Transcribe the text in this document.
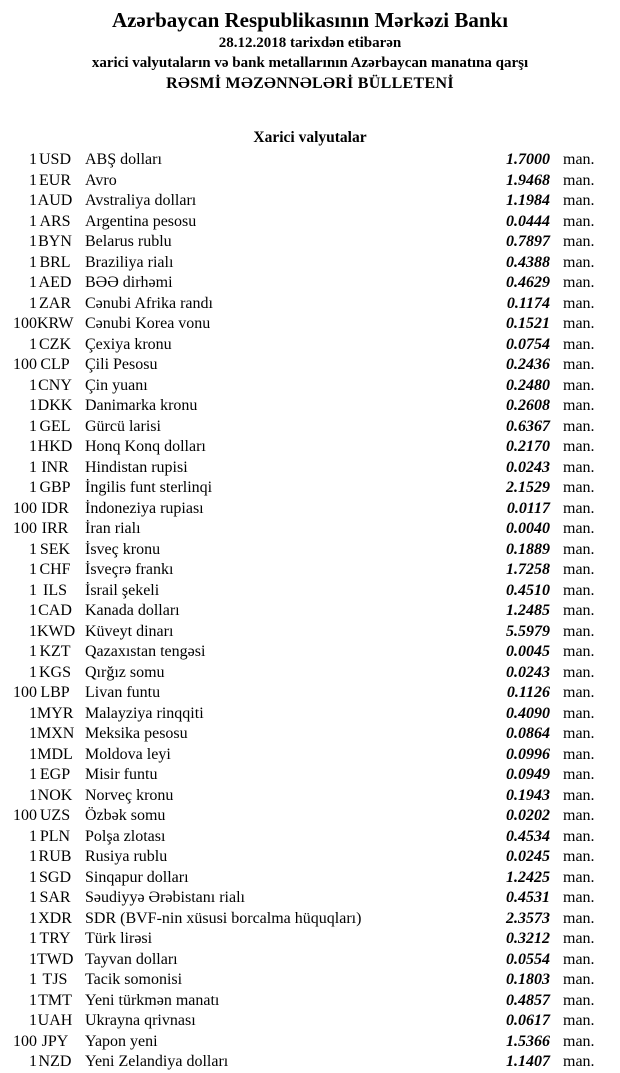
Azərbaycan Respublikasının Mərkəzi Bankı
28.12.2018 tarixdən etibarən
xarici valyutaların və bank metallarının Azərbaycan manatına qarşı
RƏSMİ MƏZƏNNƏLƏRİ BÜLLETENİ
Xarici valyutalar
1 USD ABŞ dolları	1.7000 man.
1 EUR Avro	1.9468 man.
1 AUD Avstraliya dolları	1.1984 man.
1 ARS Argentina pesosu	0.0444 man.
1 BYN Belarus rublu	0.7897 man.
1 BRL Braziliya rialı	0.4388 man.
1 AED BƏƏ dirhəmi	0.4629 man.
1 ZAR Cənubi Afrika randı	0.1174 man.
100 KRW Cənubi Korea vonu	0.1521 man.
1 CZK Çexiya kronu	0.0754 man.
100 CLP Çili Pesosu	0.2436 man.
1 CNY Çin yuanı	0.2480 man.
1 DKK Danimarka kronu	0.2608 man.
1 GEL Gürcü larisi	0.6367 man.
1 HKD Honq Konq dolları	0.2170 man.
1 INR	Hindistan rupisi	0.0243 man.
1 GBP İngilis funt sterlinqi	2.1529 man.
100 IDR	İndoneziya rupiası	0.0117 man.
100 IRR	İran rialı	0.0040 man.
1 SEK İsveç kronu	0.1889 man.
1 CHF İsveçrə frankı	1.7258 man.
1 ILS	İsrail şekeli	0.4510 man.
1 CAD Kanada dolları	1.2485 man.
1 KWD Küveyt dinarı	5.5979 man.
1 KZT Qazaxıstan tengəsi	0.0045 man.
1 KGS Qırğız somu	0.0243 man.
100 LBP Livan funtu	0.1126 man.
1 MYR Malayziya rinqqiti	0.4090 man.
1 MXN Meksika pesosu	0.0864 man.
1 MDL Moldova leyi	0.0996 man.
1 EGP Misir funtu	0.0949 man.
1 NOK Norveç kronu	0.1943 man.
100 UZS Özbək somu	0.0202 man.
1 PLN Polşa zlotası	0.4534 man.
1 RUB Rusiya rublu	0.0245 man.
1 SGD Sinqapur dolları	1.2425 man.
1 SAR Səudiyyə Ərəbistanı rialı	0.4531 man.
1 XDR SDR (BVF-nin xüsusi borcalma hüquqları)	2.3573 man.
1 TRY Türk lirəsi	0.3212 man.
1 TWD Tayvan dolları	0.0554 man.
1 TJS	Tacik somonisi	0.1803 man.
1 TMT Yeni türkmən manatı	0.4857 man.
1 UAH Ukrayna qrivnası	0.0617 man.
100 JPY	Yapon yeni	1.5366 man.
1 NZD Yeni Zelandiya dolları	1.1407 man.
